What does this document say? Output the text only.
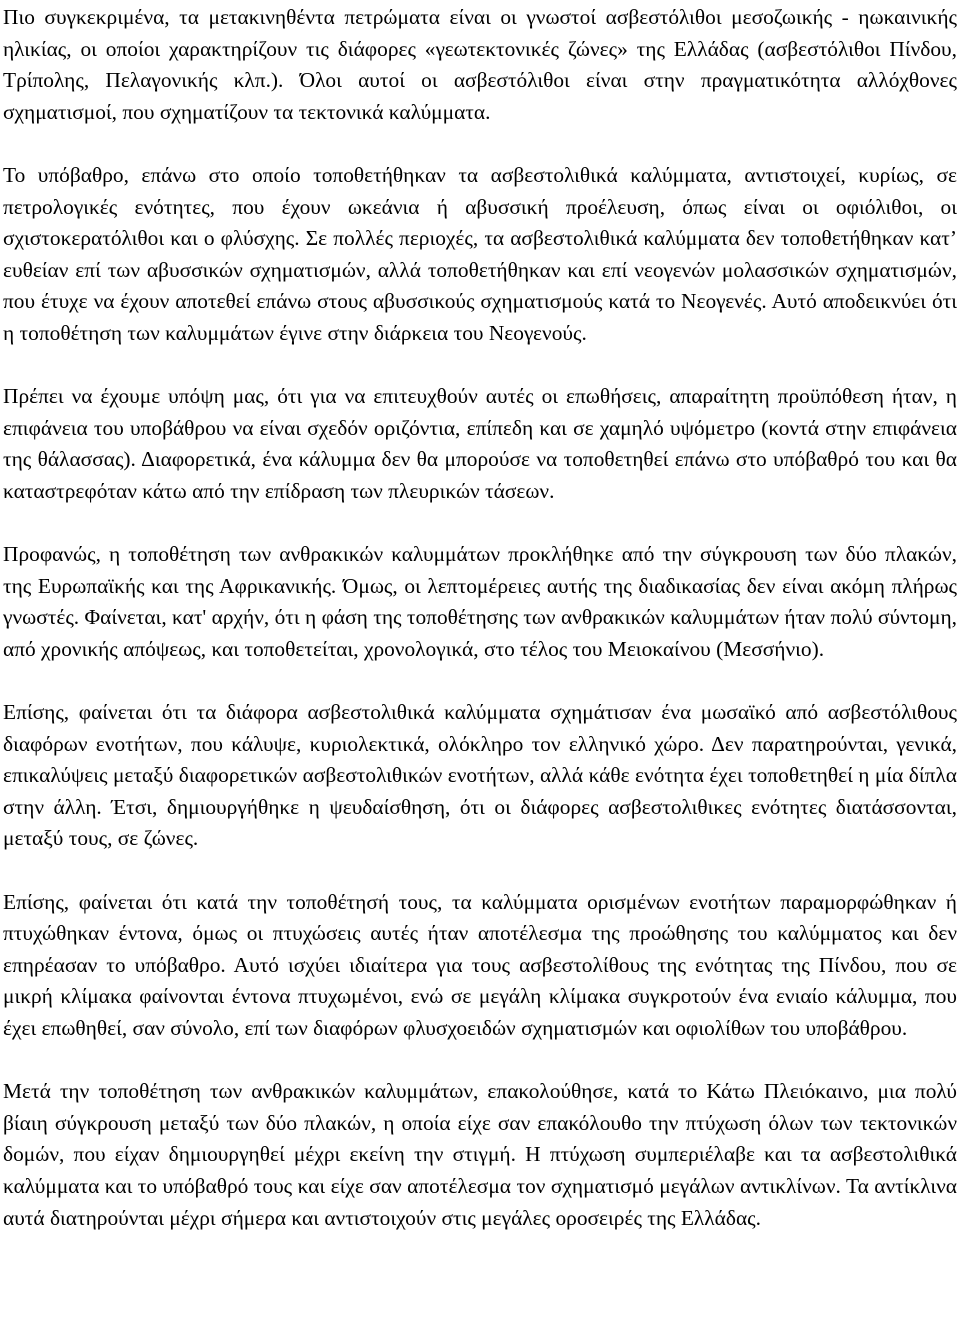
Πιο συγκεκριμένα, τα μετακινηθέντα πετρώματα είναι οι γνωστοί ασβεστόλιθοι μεσοζωικής - ηωκαινικής ηλικίας, οι οποίοι χαρακτηρίζουν τις διάφορες «γεωτεκτονικές ζώνες» της Ελλάδας (ασβεστόλιθοι Πίνδου, Τρίπολης, Πελαγονικής κλπ.). Όλοι αυτοί οι ασβεστόλιθοι είναι στην πραγματικότητα αλλόχθονες σχηματισμοί, που σχηματίζουν τα τεκτονικά καλύμματα.

Το υπόβαθρο, επάνω στο οποίο τοποθετήθηκαν τα ασβεστολιθικά καλύμματα, αντιστοιχεί, κυρίως, σε πετρολογικές ενότητες, που έχουν ωκεάνια ή αβυσσική προέλευση, όπως είναι οι οφιόλιθοι, οι σχιστοκερατόλιθοι και ο φλύσχης. Σε πολλές περιοχές, τα ασβεστολιθικά καλύμματα δεν τοποθετήθηκαν κατ’ ευθείαν επί των αβυσσικών σχηματισμών, αλλά τοποθετήθηκαν και επί νεογενών μολασσικών σχηματισμών, που έτυχε να έχουν αποτεθεί επάνω στους αβυσσικούς σχηματισμούς κατά το Νεογενές. Αυτό αποδεικνύει ότι η τοποθέτηση των καλυμμάτων έγινε στην διάρκεια του Νεογενούς.

Πρέπει να έχουμε υπόψη μας, ότι για να επιτευχθούν αυτές οι επωθήσεις, απαραίτητη προϋπόθεση ήταν, η επιφάνεια του υποβάθρου να είναι σχεδόν οριζόντια, επίπεδη και σε χαμηλό υψόμετρο (κοντά στην επιφάνεια της θάλασσας). Διαφορετικά, ένα κάλυμμα δεν θα μπορούσε να τοποθετηθεί επάνω στο υπόβαθρό του και θα καταστρεφόταν κάτω από την επίδραση των πλευρικών τάσεων.

Προφανώς, η τοποθέτηση των ανθρακικών καλυμμάτων προκλήθηκε από την σύγκρουση των δύο πλακών, της Ευρωπαϊκής και της Αφρικανικής. Όμως, οι λεπτομέρειες αυτής της διαδικασίας δεν είναι ακόμη πλήρως γνωστές. Φαίνεται, κατ' αρχήν, ότι η φάση της τοποθέτησης των ανθρακικών καλυμμάτων ήταν πολύ σύντομη, από χρονικής απόψεως, και τοποθετείται, χρονολογικά, στο τέλος του Μειοκαίνου (Μεσσήνιο).

Επίσης, φαίνεται ότι τα διάφορα ασβεστολιθικά καλύμματα σχημάτισαν ένα μωσαϊκό από ασβεστόλιθους διαφόρων ενοτήτων, που κάλυψε, κυριολεκτικά, ολόκληρο τον ελληνικό χώρο. Δεν παρατηρούνται, γενικά, επικαλύψεις μεταξύ διαφορετικών ασβεστολιθικών ενοτήτων, αλλά κάθε ενότητα έχει τοποθετηθεί η μία δίπλα στην άλλη. Έτσι, δημιουργήθηκε η ψευδαίσθηση, ότι οι διάφορες ασβεστολιθικες ενότητες διατάσσονται, μεταξύ τους, σε ζώνες.

Επίσης, φαίνεται ότι κατά την τοποθέτησή τους, τα καλύμματα ορισμένων ενοτήτων παραμορφώθηκαν ή πτυχώθηκαν έντονα, όμως οι πτυχώσεις αυτές ήταν αποτέλεσμα της προώθησης του καλύμματος και δεν επηρέασαν το υπόβαθρο. Αυτό ισχύει ιδιαίτερα για τους ασβεστολίθους της ενότητας της Πίνδου, που σε μικρή κλίμακα φαίνονται έντονα πτυχωμένοι, ενώ σε μεγάλη κλίμακα συγκροτούν ένα ενιαίο κάλυμμα, που έχει επωθηθεί, σαν σύνολο, επί των διαφόρων φλυσχοειδών σχηματισμών και οφιολίθων του υποβάθρου.

Μετά την τοποθέτηση των ανθρακικών καλυμμάτων, επακολούθησε, κατά το Κάτω Πλειόκαινο, μια πολύ βίαιη σύγκρουση μεταξύ των δύο πλακών, η οποία είχε σαν επακόλουθο την πτύχωση όλων των τεκτονικών δομών, που είχαν δημιουργηθεί μέχρι εκείνη την στιγμή. Η πτύχωση συμπεριέλαβε και τα ασβεστολιθικά καλύμματα και το υπόβαθρό τους και είχε σαν αποτέλεσμα τον σχηματισμό μεγάλων αντικλίνων. Τα αντίκλινα αυτά διατηρούνται μέχρι σήμερα και αντιστοιχούν στις μεγάλες οροσειρές της Ελλάδας.
